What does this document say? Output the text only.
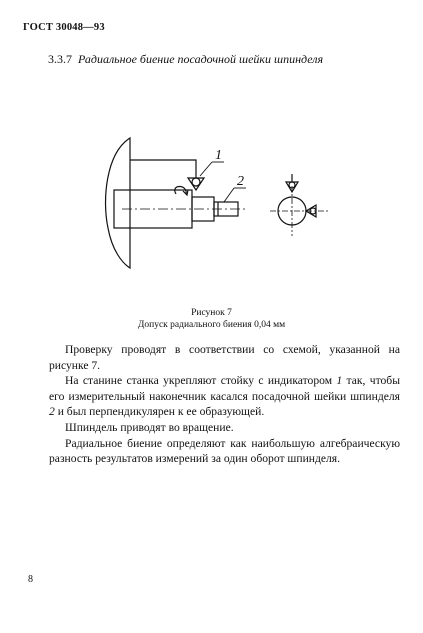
ГОСТ 30048—93
3.3.7 Радиальное биение посадочной шейки шпинделя
1
2
Рисунок 7
Допуск радиального биения 0,04 мм

Проверку проводят в соответствии со схемой, указанной на рисунке 7.

На станине станка укрепляют стойку с индикатором 1 так, чтобы его измерительный наконечник касался посадочной шейки шпинделя 2 и был перпендикулярен к ее образующей.

Шпиндель приводят во вращение.

Радиальное биение определяют как наибольшую алгебраическую разность результатов измерений за один оборот шпинделя.

8
